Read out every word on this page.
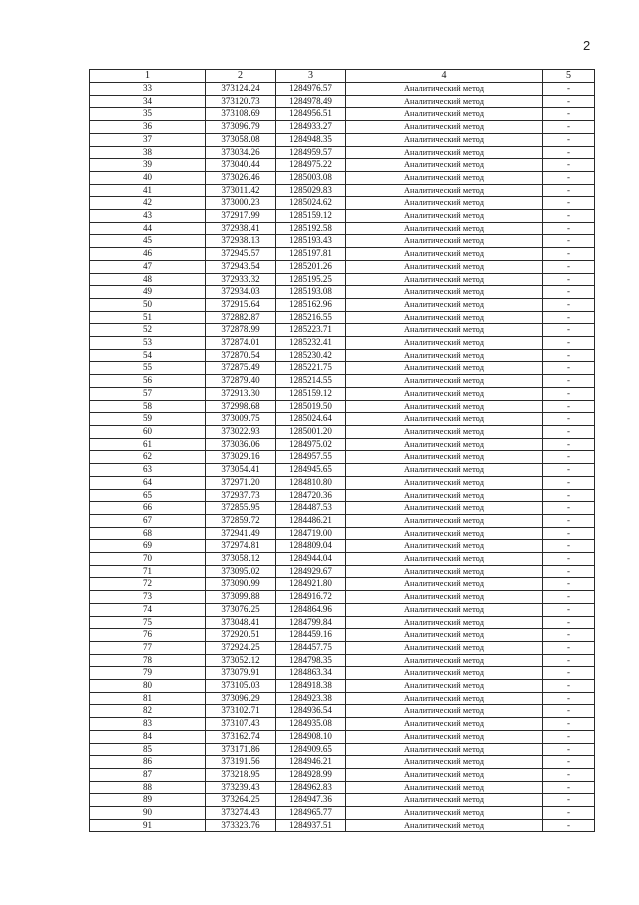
2
1	2	3	4	5
33	373124.24	1284976.57	Аналитический метод	-
34	373120.73	1284978.49	Аналитический метод	-
35	373108.69	1284956.51	Аналитический метод	-
36	373096.79	1284933.27	Аналитический метод	-
37	373058.08	1284948.35	Аналитический метод	-
38	373034.26	1284959.57	Аналитический метод	-
39	373040.44	1284975.22	Аналитический метод	-
40	373026.46	1285003.08	Аналитический метод	-
41	373011.42	1285029.83	Аналитический метод	-
42	373000.23	1285024.62	Аналитический метод	-
43	372917.99	1285159.12	Аналитический метод	-
44	372938.41	1285192.58	Аналитический метод	-
45	372938.13	1285193.43	Аналитический метод	-
46	372945.57	1285197.81	Аналитический метод	-
47	372943.54	1285201.26	Аналитический метод	-
48	372933.32	1285195.25	Аналитический метод	-
49	372934.03	1285193.08	Аналитический метод	-
50	372915.64	1285162.96	Аналитический метод	-
51	372882.87	1285216.55	Аналитический метод	-
52	372878.99	1285223.71	Аналитический метод	-
53	372874.01	1285232.41	Аналитический метод	-
54	372870.54	1285230.42	Аналитический метод	-
55	372875.49	1285221.75	Аналитический метод	-
56	372879.40	1285214.55	Аналитический метод	-
57	372913.30	1285159.12	Аналитический метод	-
58	372998.68	1285019.50	Аналитический метод	-
59	373009.75	1285024.64	Аналитический метод	-
60	373022.93	1285001.20	Аналитический метод	-
61	373036.06	1284975.02	Аналитический метод	-
62	373029.16	1284957.55	Аналитический метод	-
63	373054.41	1284945.65	Аналитический метод	-
64	372971.20	1284810.80	Аналитический метод	-
65	372937.73	1284720.36	Аналитический метод	-
66	372855.95	1284487.53	Аналитический метод	-
67	372859.72	1284486.21	Аналитический метод	-
68	372941.49	1284719.00	Аналитический метод	-
69	372974.81	1284809.04	Аналитический метод	-
70	373058.12	1284944.04	Аналитический метод	-
71	373095.02	1284929.67	Аналитический метод	-
72	373090.99	1284921.80	Аналитический метод	-
73	373099.88	1284916.72	Аналитический метод	-
74	373076.25	1284864.96	Аналитический метод	-
75	373048.41	1284799.84	Аналитический метод	-
76	372920.51	1284459.16	Аналитический метод	-
77	372924.25	1284457.75	Аналитический метод	-
78	373052.12	1284798.35	Аналитический метод	-
79	373079.91	1284863.34	Аналитический метод	-
80	373105.03	1284918.38	Аналитический метод	-
81	373096.29	1284923.38	Аналитический метод	-
82	373102.71	1284936.54	Аналитический метод	-
83	373107.43	1284935.08	Аналитический метод	-
84	373162.74	1284908.10	Аналитический метод	-
85	373171.86	1284909.65	Аналитический метод	-
86	373191.56	1284946.21	Аналитический метод	-
87	373218.95	1284928.99	Аналитический метод	-
88	373239.43	1284962.83	Аналитический метод	-
89	373264.25	1284947.36	Аналитический метод	-
90	373274.43	1284965.77	Аналитический метод	-
91	373323.76	1284937.51	Аналитический метод	-
